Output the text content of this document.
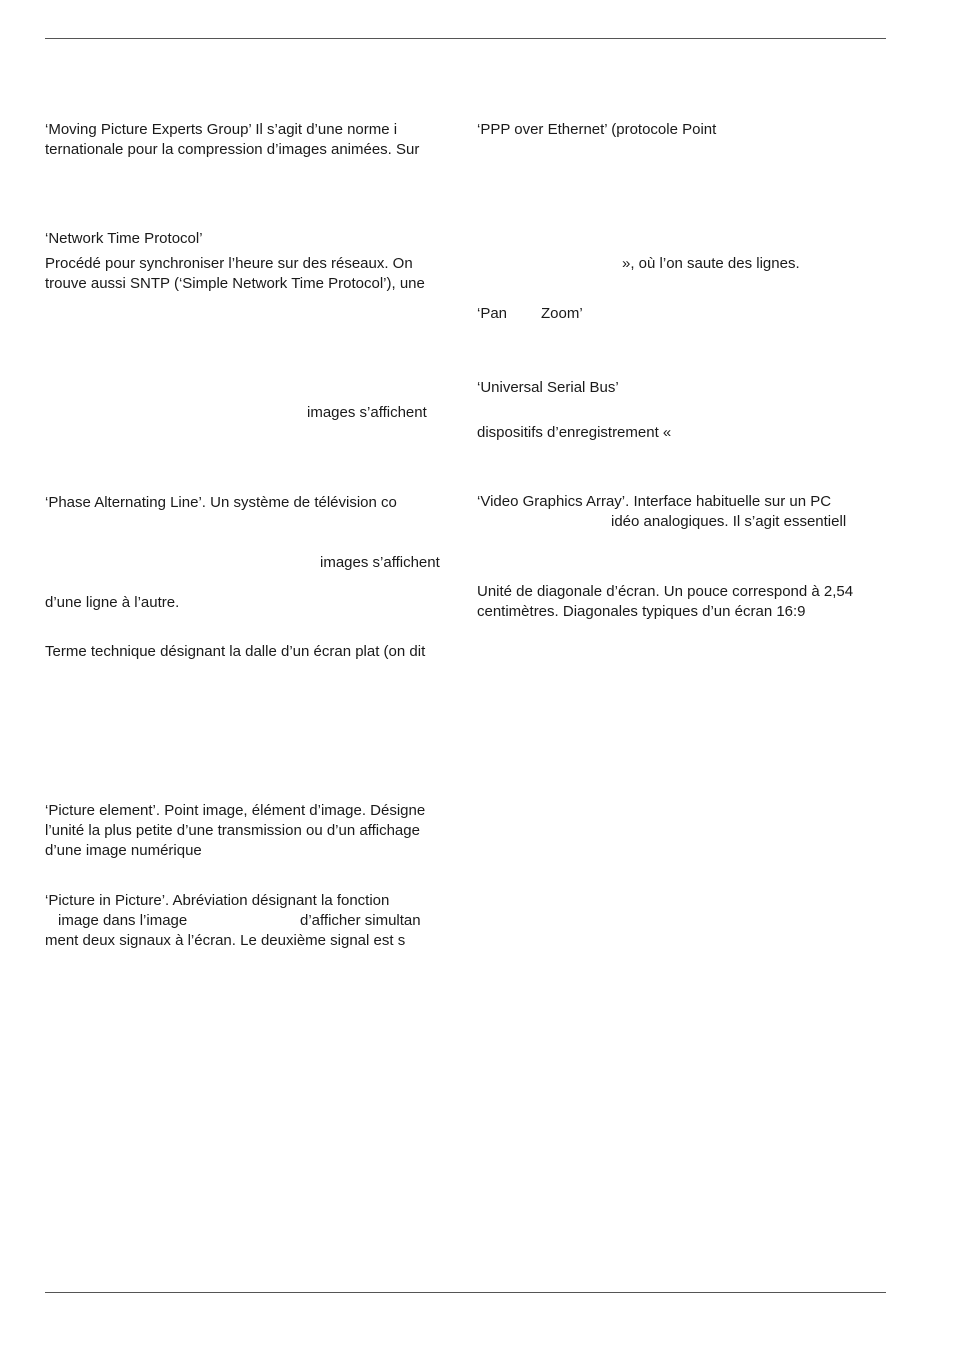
‘Moving Picture Experts Group’ Il s’agit d’une norme i
ternationale pour la compression d’images animées. Sur
‘Network Time Protocol’
Procédé pour synchroniser l’heure sur des réseaux. On
trouve aussi SNTP (‘Simple Network Time Protocol’), une
images s’affichent
‘Phase Alternating Line’. Un système de télévision co
images s’affichent
d’une ligne à l’autre.
Terme technique désignant la dalle d’un écran plat (on dit
‘Picture element’. Point image, élément d’image. Désigne
l’unité la plus petite d’une transmission ou d’un affichage
d’une image numérique
‘Picture in Picture’. Abréviation désignant la fonction
image dans l’image	d’afficher simultan
ment deux signaux à l’écran. Le deuxième signal est s
‘PPP over Ethernet’ (protocole Point
», où l’on saute des lignes.
‘Pan Zoom’
‘Universal Serial Bus’
dispositifs d’enregistrement «
‘Video Graphics Array’. Interface habituelle sur un PC
idéo analogiques. Il s’agit essentiell
Unité de diagonale d’écran. Un pouce correspond à 2,54
centimètres. Diagonales typiques d’un écran 16:9
